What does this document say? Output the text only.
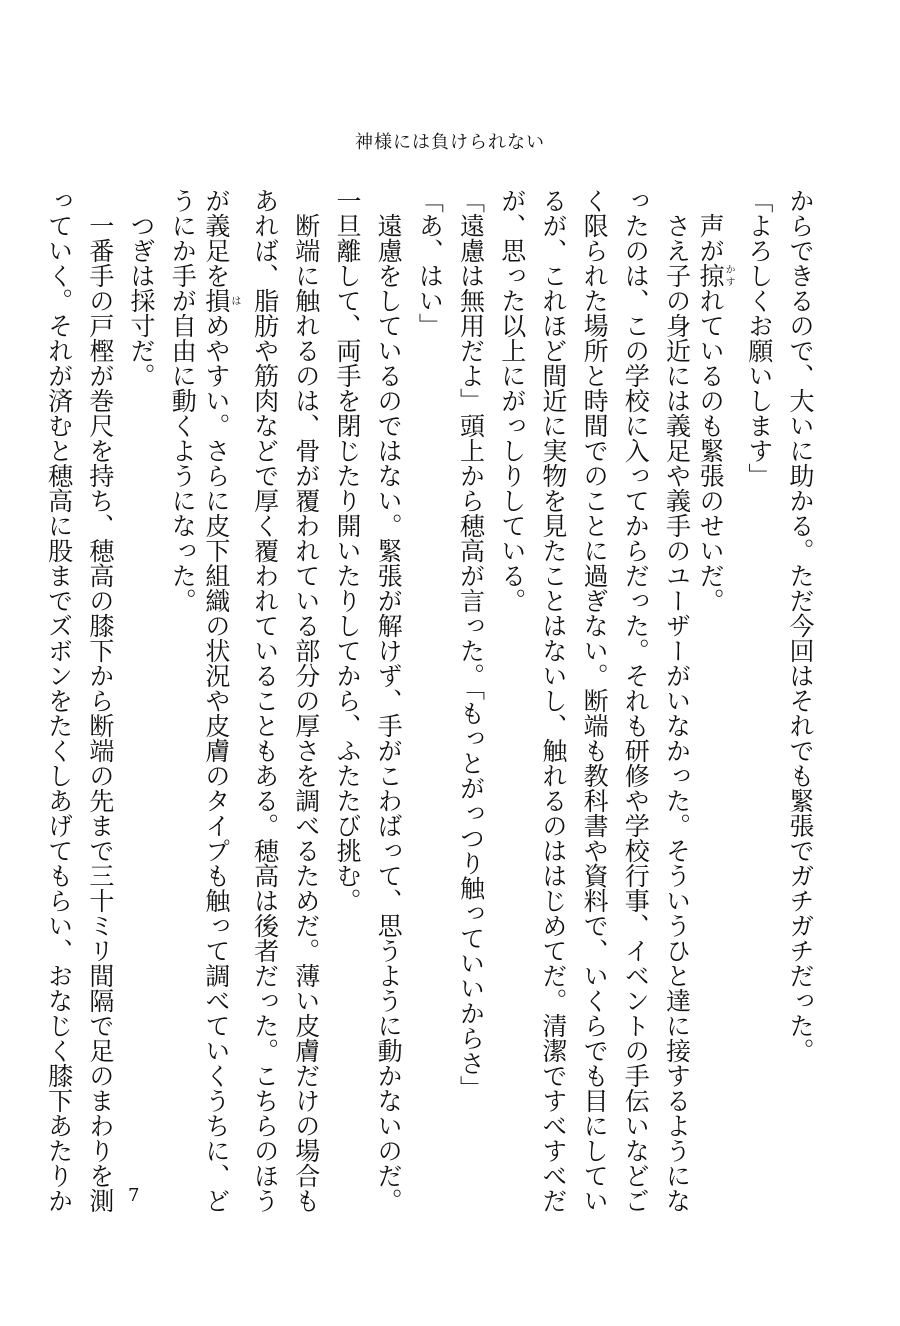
神様には負けられない
からできるので、大いに助かる。ただ今回はそれでも緊張でガチガチだった。
「よろしくお願いします」
　声が掠かすれているのも緊張のせいだ。
　さえ子の身近には義足や義手のユーザーがいなかった。そういうひと達に接するようにな
ったのは、この学校に入ってからだった。それも研修や学校行事、イベントの手伝いなどご
く限られた場所と時間でのことに過ぎない。断端も教科書や資料で、いくらでも目にしてい
るが、これほど間近に実物を見たことはないし、触れるのははじめてだ。清潔ですべすべだ
が、思った以上にがっしりしている。
「遠慮は無用だよ」頭上から穂高が言った。「もっとがっつり触っていいからさ」
「あ、はい」
　遠慮をしているのではない。緊張が解けず、手がこわばって、思うように動かないのだ。
一旦離して、両手を閉じたり開いたりしてから、ふたたび挑む。
　断端に触れるのは、骨が覆われている部分の厚さを調べるためだ。薄い皮膚だけの場合も
あれば、脂肪や筋肉などで厚く覆われていることもある。穂高は後者だった。こちらのほう
が義足を損はめやすい。さらに皮下組織の状況や皮膚のタイプも触って調べていくうちに、ど
うにか手が自由に動くようになった。
　つぎは採寸だ。
　一番手の戸樫が巻尺を持ち、穂高の膝下から断端の先まで三十ミリ間隔で足のまわりを測
っていく。それが済むと穂高に股までズボンをたくしあげてもらい、おなじく膝下あたりか	7
